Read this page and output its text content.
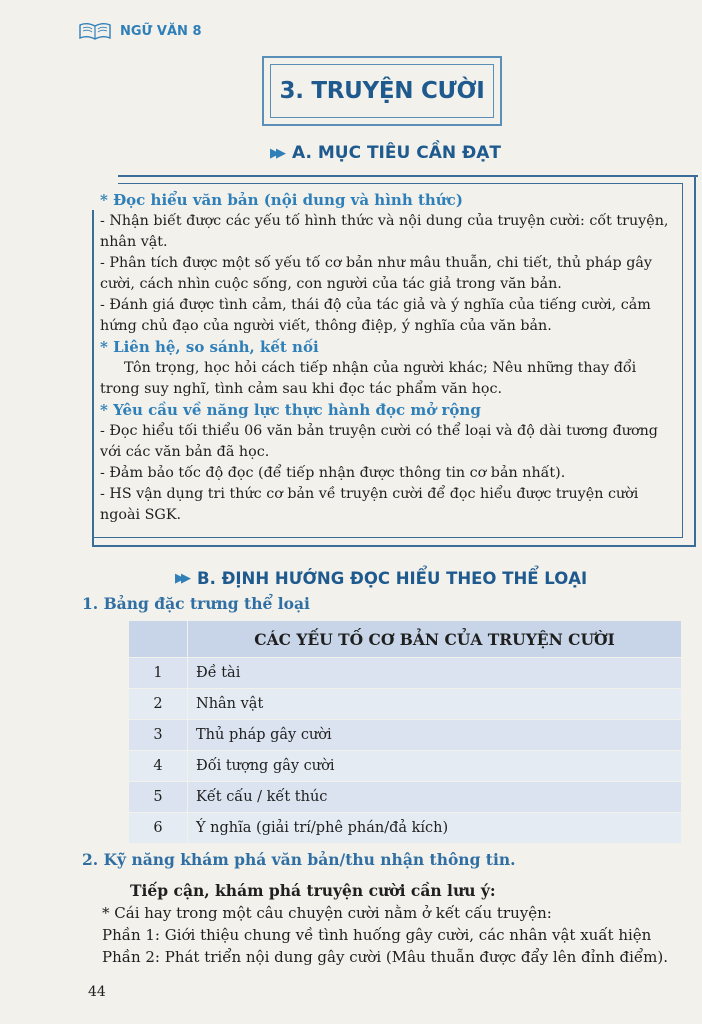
NGỮ VĂN 8
3. TRUYỆN CƯỜI
▶▶ A. MỤC TIÊU CẦN ĐẠT
* Đọc hiểu văn bản (nội dung và hình thức)
- Nhận biết được các yếu tố hình thức và nội dung của truyện cười: cốt truyện,
nhân vật.
- Phân tích được một số yếu tố cơ bản như mâu thuẫn, chi tiết, thủ pháp gây
cười, cách nhìn cuộc sống, con người của tác giả trong văn bản.
- Đánh giá được tình cảm, thái độ của tác giả và ý nghĩa của tiếng cười, cảm
hứng chủ đạo của người viết, thông điệp, ý nghĩa của văn bản.
* Liên hệ, so sánh, kết nối
Tôn trọng, học hỏi cách tiếp nhận của người khác; Nêu những thay đổi
trong suy nghĩ, tình cảm sau khi đọc tác phẩm văn học.
* Yêu cầu về năng lực thực hành đọc mở rộng
- Đọc hiểu tối thiểu 06 văn bản truyện cười có thể loại và độ dài tương đương
với các văn bản đã học.
- Đảm bảo tốc độ đọc (để tiếp nhận được thông tin cơ bản nhất).
- HS vận dụng tri thức cơ bản về truyện cười để đọc hiểu được truyện cười
ngoài SGK.
▶▶ B. ĐỊNH HƯỚNG ĐỌC HIỂU THEO THỂ LOẠI
1. Bảng đặc trưng thể loại
	CÁC YẾU TỐ CƠ BẢN CỦA TRUYỆN CƯỜI
1	Đề tài
2	Nhân vật
3	Thủ pháp gây cười
4	Đối tượng gây cười
5	Kết cấu / kết thúc
6	Ý nghĩa (giải trí/phê phán/đả kích)
2. Kỹ năng khám phá văn bản/thu nhận thông tin.
Tiếp cận, khám phá truyện cười cần lưu ý:
* Cái hay trong một câu chuyện cười nằm ở kết cấu truyện:
Phần 1: Giới thiệu chung về tình huống gây cười, các nhân vật xuất hiện
Phần 2: Phát triển nội dung gây cười (Mâu thuẫn được đẩy lên đỉnh điểm).
44
